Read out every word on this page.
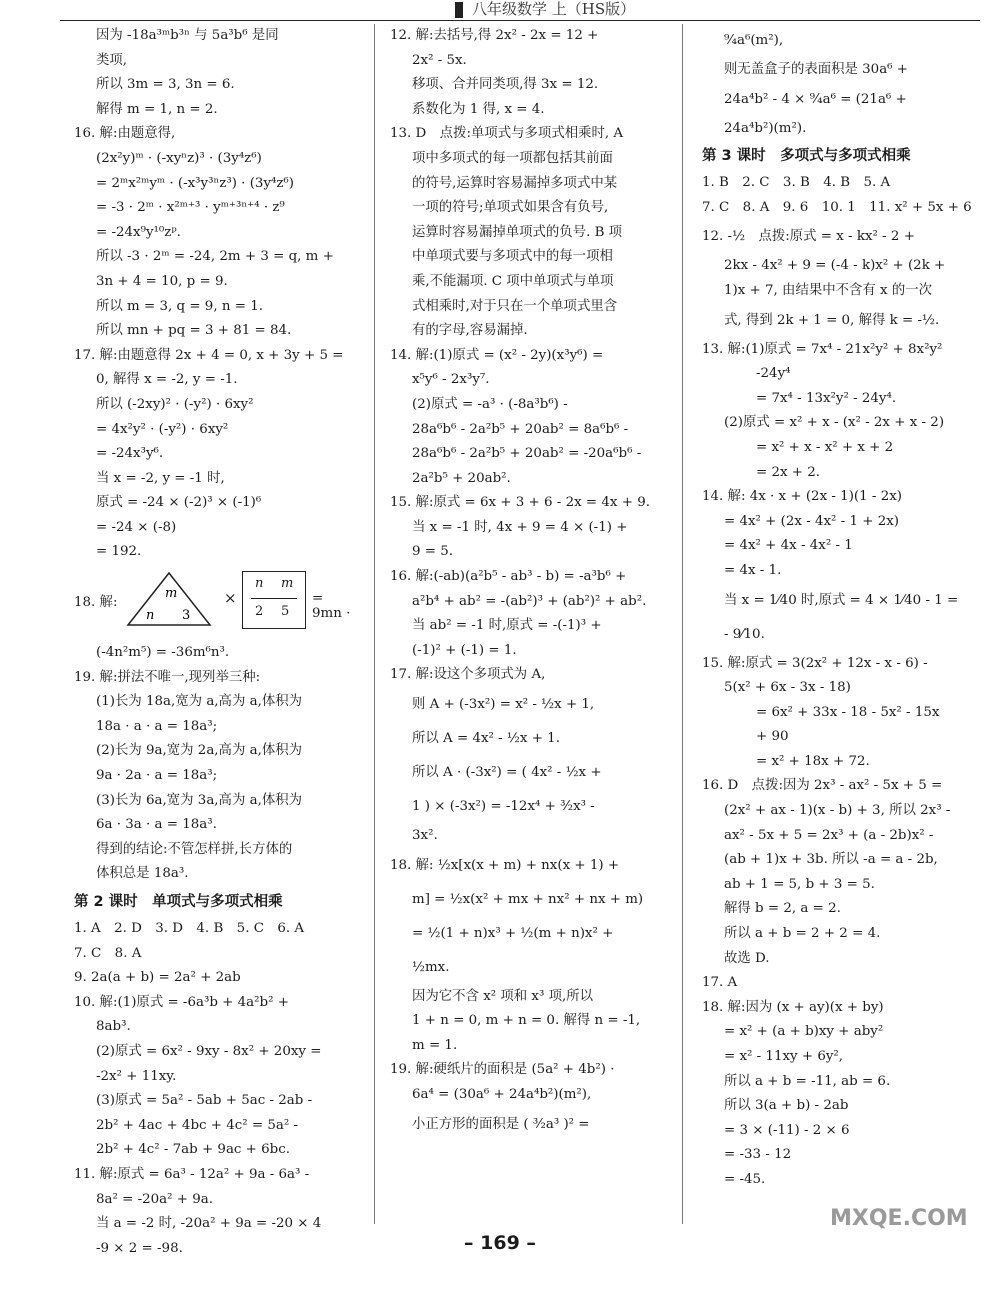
八年级数学 上（HS版）
因为 -18a³ᵐb³ⁿ 与 5a³b⁶ 是同
类项,
所以 3m = 3, 3n = 6.
解得 m = 1, n = 2.
16. 解:由题意得,
(2x²y)ᵐ · (-xyⁿz)³ · (3y⁴z⁶)
= 2ᵐx²ᵐyᵐ · (-x³y³ⁿz³) · (3y⁴z⁶)
= -3 · 2ᵐ · x²ᵐ⁺³ · yᵐ⁺³ⁿ⁺⁴ · z⁹
= -24x⁹y¹⁰zᵖ.
所以 -3 · 2ᵐ = -24, 2m + 3 = q, m +
3n + 4 = 10, p = 9.
所以 m = 3, q = 9, n = 1.
所以 mn + pq = 3 + 81 = 84.
17. 解:由题意得 2x + 4 = 0, x + 3y + 5 =
0, 解得 x = -2, y = -1.
所以 (-2xy)² · (-y²) · 6xy²
= 4x²y² · (-y²) · 6xy²
= -24x³y⁶.
当 x = -2, y = -1 时,
原式 = -24 × (-2)³ × (-1)⁶
= -24 × (-8)
= 192.
18. 解:
m
n 3
×
n m
2 5
= 9mn ·
(-4n²m⁵) = -36m⁶n³.
19. 解:拼法不唯一,现列举三种:
(1)长为 18a,宽为 a,高为 a,体积为
18a · a · a = 18a³;
(2)长为 9a,宽为 2a,高为 a,体积为
9a · 2a · a = 18a³;
(3)长为 6a,宽为 3a,高为 a,体积为
6a · 3a · a = 18a³.
得到的结论:不管怎样拼,长方体的
体积总是 18a³.
第 2 课时　单项式与多项式相乘
1. A　2. D　3. D　4. B　5. C　6. A
7. C　8. A
9. 2a(a + b) = 2a² + 2ab
10. 解:(1)原式 = -6a³b + 4a²b² +
8ab³.
(2)原式 = 6x² - 9xy - 8x² + 20xy =
-2x² + 11xy.
(3)原式 = 5a² - 5ab + 5ac - 2ab -
2b² + 4ac + 4bc + 4c² = 5a² -
2b² + 4c² - 7ab + 9ac + 6bc.
11. 解:原式 = 6a³ - 12a² + 9a - 6a³ -
8a² = -20a² + 9a.
当 a = -2 时, -20a² + 9a = -20 × 4
-9 × 2 = -98.
12. 解:去括号,得 2x² - 2x = 12 +
2x² - 5x.
移项、合并同类项,得 3x = 12.
系数化为 1 得, x = 4.
13. D　点拨:单项式与多项式相乘时, A
项中多项式的每一项都包括其前面
的符号,运算时容易漏掉多项式中某
一项的符号;单项式如果含有负号,
运算时容易漏掉单项式的负号. B 项
中单项式要与多项式中的每一项相
乘,不能漏项. C 项中单项式与单项
式相乘时,对于只在一个单项式里含
有的字母,容易漏掉.
14. 解:(1)原式 = (x² - 2y)(x³y⁶) =
x⁵y⁶ - 2x³y⁷.
(2)原式 = -a³ · (-8a³b⁶) -
28a⁶b⁶ - 2a²b⁵ + 20ab² = 8a⁶b⁶ -
28a⁶b⁶ - 2a²b⁵ + 20ab² = -20a⁶b⁶ -
2a²b⁵ + 20ab².
15. 解:原式 = 6x + 3 + 6 - 2x = 4x + 9.
当 x = -1 时, 4x + 9 = 4 × (-1) +
9 = 5.
16. 解:(-ab)(a²b⁵ - ab³ - b) = -a³b⁶ +
a²b⁴ + ab² = -(ab²)³ + (ab²)² + ab².
当 ab² = -1 时,原式 = -(-1)³ +
(-1)² + (-1) = 1.
17. 解:设这个多项式为 A,
则 A + (-3x²) = x² - ½x + 1,
所以 A = 4x² - ½x + 1.
所以 A · (-3x²) = ( 4x² - ½x +
1 ) × (-3x²) = -12x⁴ + ³⁄₂x³ -
3x².
18. 解: ½x[x(x + m) + nx(x + 1) +
m] = ½x(x² + mx + nx² + nx + m)
= ½(1 + n)x³ + ½(m + n)x² +
½mx.
因为它不含 x² 项和 x³ 项,所以
1 + n = 0, m + n = 0. 解得 n = -1,
m = 1.
19. 解:硬纸片的面积是 (5a² + 4b²) ·
6a⁴ = (30a⁶ + 24a⁴b²)(m²),
小正方形的面积是 ( ³⁄₂a³ )² =
⁹⁄₄a⁶(m²),
则无盖盒子的表面积是 30a⁶ +
24a⁴b² - 4 × ⁹⁄₄a⁶ = (21a⁶ +
24a⁴b²)(m²).
第 3 课时　多项式与多项式相乘
1. B　2. C　3. B　4. B　5. A
7. C　8. A　9. 6　10. 1　11. x² + 5x + 6
12. -½　点拨:原式 = x - kx² - 2 +
2kx - 4x² + 9 = (-4 - k)x² + (2k +
1)x + 7, 由结果中不含有 x 的一次
式, 得到 2k + 1 = 0, 解得 k = -½.
13. 解:(1)原式 = 7x⁴ - 21x²y² + 8x²y²
-24y⁴
= 7x⁴ - 13x²y² - 24y⁴.
(2)原式 = x² + x - (x² - 2x + x - 2)
= x² + x - x² + x + 2
= 2x + 2.
14. 解: 4x · x + (2x - 1)(1 - 2x)
= 4x² + (2x - 4x² - 1 + 2x)
= 4x² + 4x - 4x² - 1
= 4x - 1.
当 x = 1⁄40 时,原式 = 4 × 1⁄40 - 1 =
- 9⁄10.
15. 解:原式 = 3(2x² + 12x - x - 6) -
5(x² + 6x - 3x - 18)
= 6x² + 33x - 18 - 5x² - 15x
+ 90
= x² + 18x + 72.
16. D　点拨:因为 2x³ - ax² - 5x + 5 =
(2x² + ax - 1)(x - b) + 3, 所以 2x³ -
ax² - 5x + 5 = 2x³ + (a - 2b)x² -
(ab + 1)x + 3b. 所以 -a = a - 2b,
ab + 1 = 5, b + 3 = 5.
解得 b = 2, a = 2.
所以 a + b = 2 + 2 = 4.
故选 D.
17. A
18. 解:因为 (x + ay)(x + by)
= x² + (a + b)xy + aby²
= x² - 11xy + 6y²,
所以 a + b = -11, ab = 6.
所以 3(a + b) - 2ab
= 3 × (-11) - 2 × 6
= -33 - 12
= -45.
– 169 –
MXQE.COM
